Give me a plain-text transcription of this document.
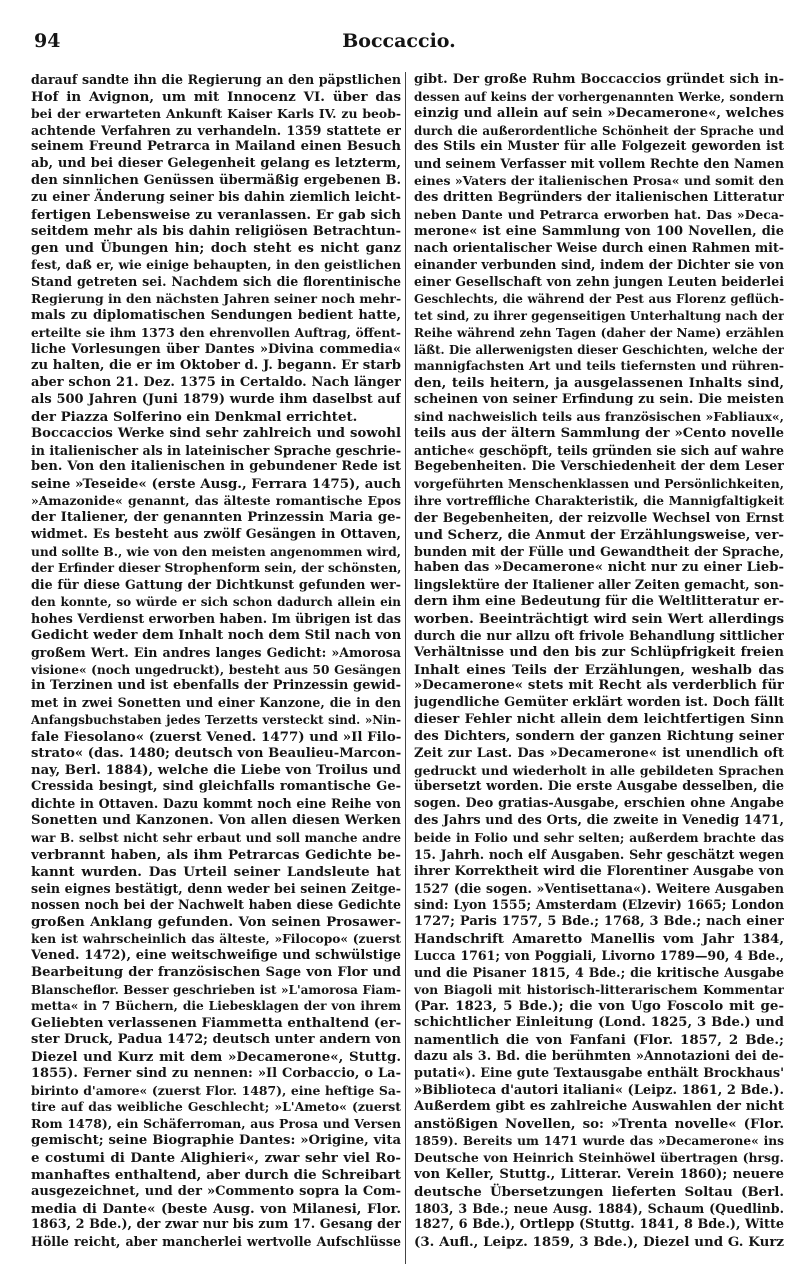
94	Boccaccio.
darauf sandte ihn die Regierung an den päpstlichen
Hof in Avignon, um mit Innocenz VI. über das
bei der erwarteten Ankunft Kaiser Karls IV. zu beob-
achtende Verfahren zu verhandeln. 1359 stattete er
seinem Freund Petrarca in Mailand einen Besuch
ab, und bei dieser Gelegenheit gelang es letzterm,
den sinnlichen Genüssen übermäßig ergebenen B.
zu einer Änderung seiner bis dahin ziemlich leicht-
fertigen Lebensweise zu veranlassen. Er gab sich
seitdem mehr als bis dahin religiösen Betrachtun-
gen und Übungen hin; doch steht es nicht ganz
fest, daß er, wie einige behaupten, in den geistlichen
Stand getreten sei. Nachdem sich die florentinische
Regierung in den nächsten Jahren seiner noch mehr-
mals zu diplomatischen Sendungen bedient hatte,
erteilte sie ihm 1373 den ehrenvollen Auftrag, öffent-
liche Vorlesungen über Dantes »Divina commedia«
zu halten, die er im Oktober d. J. begann. Er starb
aber schon 21. Dez. 1375 in Certaldo. Nach länger
als 500 Jahren (Juni 1879) wurde ihm daselbst auf
der Piazza Solferino ein Denkmal errichtet.
Boccaccios Werke sind sehr zahlreich und sowohl
in italienischer als in lateinischer Sprache geschrie-
ben. Von den italienischen in gebundener Rede ist
seine »Teseide« (erste Ausg., Ferrara 1475), auch
»Amazonide« genannt, das älteste romantische Epos
der Italiener, der genannten Prinzessin Maria ge-
widmet. Es besteht aus zwölf Gesängen in Ottaven,
und sollte B., wie von den meisten angenommen wird,
der Erfinder dieser Strophenform sein, der schönsten,
die für diese Gattung der Dichtkunst gefunden wer-
den konnte, so würde er sich schon dadurch allein ein
hohes Verdienst erworben haben. Im übrigen ist das
Gedicht weder dem Inhalt noch dem Stil nach von
großem Wert. Ein andres langes Gedicht: »Amorosa
visione« (noch ungedruckt), besteht aus 50 Gesängen
in Terzinen und ist ebenfalls der Prinzessin gewid-
met in zwei Sonetten und einer Kanzone, die in den
Anfangsbuchstaben jedes Terzetts versteckt sind. »Nin-
fale Fiesolano« (zuerst Vened. 1477) und »Il Filo-
strato« (das. 1480; deutsch von Beaulieu-Marcon-
nay, Berl. 1884), welche die Liebe von Troilus und
Cressida besingt, sind gleichfalls romantische Ge-
dichte in Ottaven. Dazu kommt noch eine Reihe von
Sonetten und Kanzonen. Von allen diesen Werken
war B. selbst nicht sehr erbaut und soll manche andre
verbrannt haben, als ihm Petrarcas Gedichte be-
kannt wurden. Das Urteil seiner Landsleute hat
sein eignes bestätigt, denn weder bei seinen Zeitge-
nossen noch bei der Nachwelt haben diese Gedichte
großen Anklang gefunden. Von seinen Prosawer-
ken ist wahrscheinlich das älteste, »Filocopo« (zuerst
Vened. 1472), eine weitschweifige und schwülstige
Bearbeitung der französischen Sage von Flor und
Blanscheflor. Besser geschrieben ist »L'amorosa Fiam-
metta« in 7 Büchern, die Liebesklagen der von ihrem
Geliebten verlassenen Fiammetta enthaltend (er-
ster Druck, Padua 1472; deutsch unter andern von
Diezel und Kurz mit dem »Decamerone«, Stuttg.
1855). Ferner sind zu nennen: »Il Corbaccio, o La-
birinto d'amore« (zuerst Flor. 1487), eine heftige Sa-
tire auf das weibliche Geschlecht; »L'Ameto« (zuerst
Rom 1478), ein Schäferroman, aus Prosa und Versen
gemischt; seine Biographie Dantes: »Origine, vita
e costumi di Dante Alighieri«, zwar sehr viel Ro-
manhaftes enthaltend, aber durch die Schreibart
ausgezeichnet, und der »Commento sopra la Com-
media di Dante« (beste Ausg. von Milanesi, Flor.
1863, 2 Bde.), der zwar nur bis zum 17. Gesang der
Hölle reicht, aber mancherlei wertvolle Aufschlüsse
gibt. Der große Ruhm Boccaccios gründet sich in-
dessen auf keins der vorhergenannten Werke, sondern
einzig und allein auf sein »Decamerone«, welches
durch die außerordentliche Schönheit der Sprache und
des Stils ein Muster für alle Folgezeit geworden ist
und seinem Verfasser mit vollem Rechte den Namen
eines »Vaters der italienischen Prosa« und somit den
des dritten Begründers der italienischen Litteratur
neben Dante und Petrarca erworben hat. Das »Deca-
merone« ist eine Sammlung von 100 Novellen, die
nach orientalischer Weise durch einen Rahmen mit-
einander verbunden sind, indem der Dichter sie von
einer Gesellschaft von zehn jungen Leuten beiderlei
Geschlechts, die während der Pest aus Florenz geflüch-
tet sind, zu ihrer gegenseitigen Unterhaltung nach der
Reihe während zehn Tagen (daher der Name) erzählen
läßt. Die allerwenigsten dieser Geschichten, welche der
mannigfachsten Art und teils tiefernsten und rühren-
den, teils heitern, ja ausgelassenen Inhalts sind,
scheinen von seiner Erfindung zu sein. Die meisten
sind nachweislich teils aus französischen »Fabliaux«,
teils aus der ältern Sammlung der »Cento novelle
antiche« geschöpft, teils gründen sie sich auf wahre
Begebenheiten. Die Verschiedenheit der dem Leser
vorgeführten Menschenklassen und Persönlichkeiten,
ihre vortreffliche Charakteristik, die Mannigfaltigkeit
der Begebenheiten, der reizvolle Wechsel von Ernst
und Scherz, die Anmut der Erzählungsweise, ver-
bunden mit der Fülle und Gewandtheit der Sprache,
haben das »Decamerone« nicht nur zu einer Lieb-
lingslektüre der Italiener aller Zeiten gemacht, son-
dern ihm eine Bedeutung für die Weltlitteratur er-
worben. Beeinträchtigt wird sein Wert allerdings
durch die nur allzu oft frivole Behandlung sittlicher
Verhältnisse und den bis zur Schlüpfrigkeit freien
Inhalt eines Teils der Erzählungen, weshalb das
»Decamerone« stets mit Recht als verderblich für
jugendliche Gemüter erklärt worden ist. Doch fällt
dieser Fehler nicht allein dem leichtfertigen Sinn
des Dichters, sondern der ganzen Richtung seiner
Zeit zur Last. Das »Decamerone« ist unendlich oft
gedruckt und wiederholt in alle gebildeten Sprachen
übersetzt worden. Die erste Ausgabe desselben, die
sogen. Deo gratias-Ausgabe, erschien ohne Angabe
des Jahrs und des Orts, die zweite in Venedig 1471,
beide in Folio und sehr selten; außerdem brachte das
15. Jahrh. noch elf Ausgaben. Sehr geschätzt wegen
ihrer Korrektheit wird die Florentiner Ausgabe von
1527 (die sogen. »Ventisettana«). Weitere Ausgaben
sind: Lyon 1555; Amsterdam (Elzevir) 1665; London
1727; Paris 1757, 5 Bde.; 1768, 3 Bde.; nach einer
Handschrift Amaretto Manellis vom Jahr 1384,
Lucca 1761; von Poggiali, Livorno 1789—90, 4 Bde.,
und die Pisaner 1815, 4 Bde.; die kritische Ausgabe
von Biagoli mit historisch-litterarischem Kommentar
(Par. 1823, 5 Bde.); die von Ugo Foscolo mit ge-
schichtlicher Einleitung (Lond. 1825, 3 Bde.) und
namentlich die von Fanfani (Flor. 1857, 2 Bde.;
dazu als 3. Bd. die berühmten »Annotazioni dei de-
putati«). Eine gute Textausgabe enthält Brockhaus'
»Biblioteca d'autori italiani« (Leipz. 1861, 2 Bde.).
Außerdem gibt es zahlreiche Auswahlen der nicht
anstößigen Novellen, so: »Trenta novelle« (Flor.
1859). Bereits um 1471 wurde das »Decamerone« ins
Deutsche von Heinrich Steinhöwel übertragen (hrsg.
von Keller, Stuttg., Litterar. Verein 1860); neuere
deutsche Übersetzungen lieferten Soltau (Berl.
1803, 3 Bde.; neue Ausg. 1884), Schaum (Quedlinb.
1827, 6 Bde.), Ortlepp (Stuttg. 1841, 8 Bde.), Witte
(3. Aufl., Leipz. 1859, 3 Bde.), Diezel und G. Kurz
